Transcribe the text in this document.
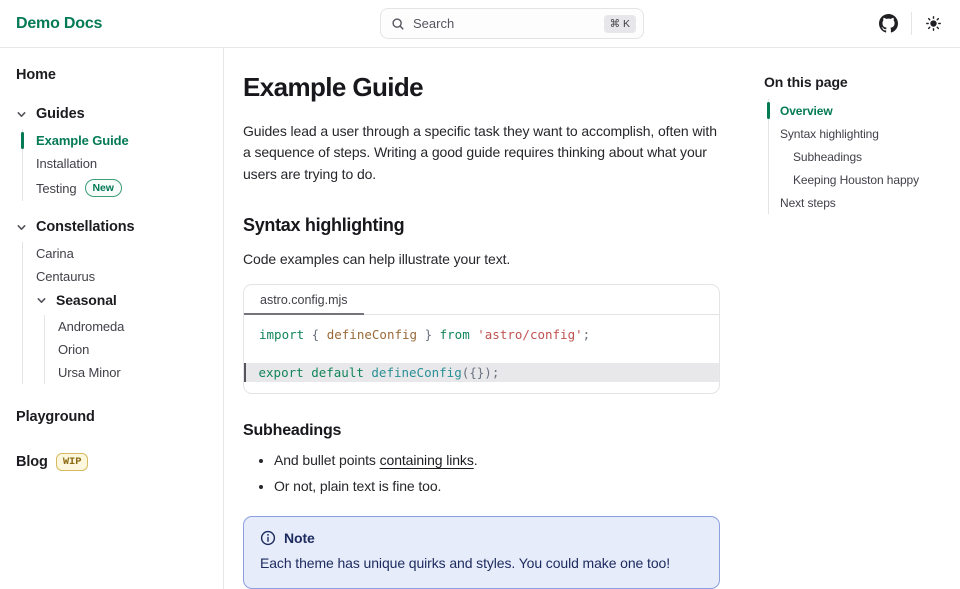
Demo Docs	Search	⌘ K
Home
Guides
Example Guide
Installation
Testing	New
Constellations
Carina
Centaurus
Seasonal
Andromeda
Orion
Ursa Minor
Playground
Blog	WIP
Example Guide

Guides lead a user through a specific task they want to accomplish, often with a sequence of steps. Writing a good guide requires thinking about what your users are trying to do.

Syntax highlighting

Code examples can help illustrate your text.

astro.config.mjs
import { defineConfig } from 'astro/config';
export default defineConfig({});
Subheadings
• And bullet points containing links.
• Or not, plain text is fine too.
Note

Each theme has unique quirks and styles. You could make one too!

On this page
Overview
Syntax highlighting
Subheadings
Keeping Houston happy
Next steps
